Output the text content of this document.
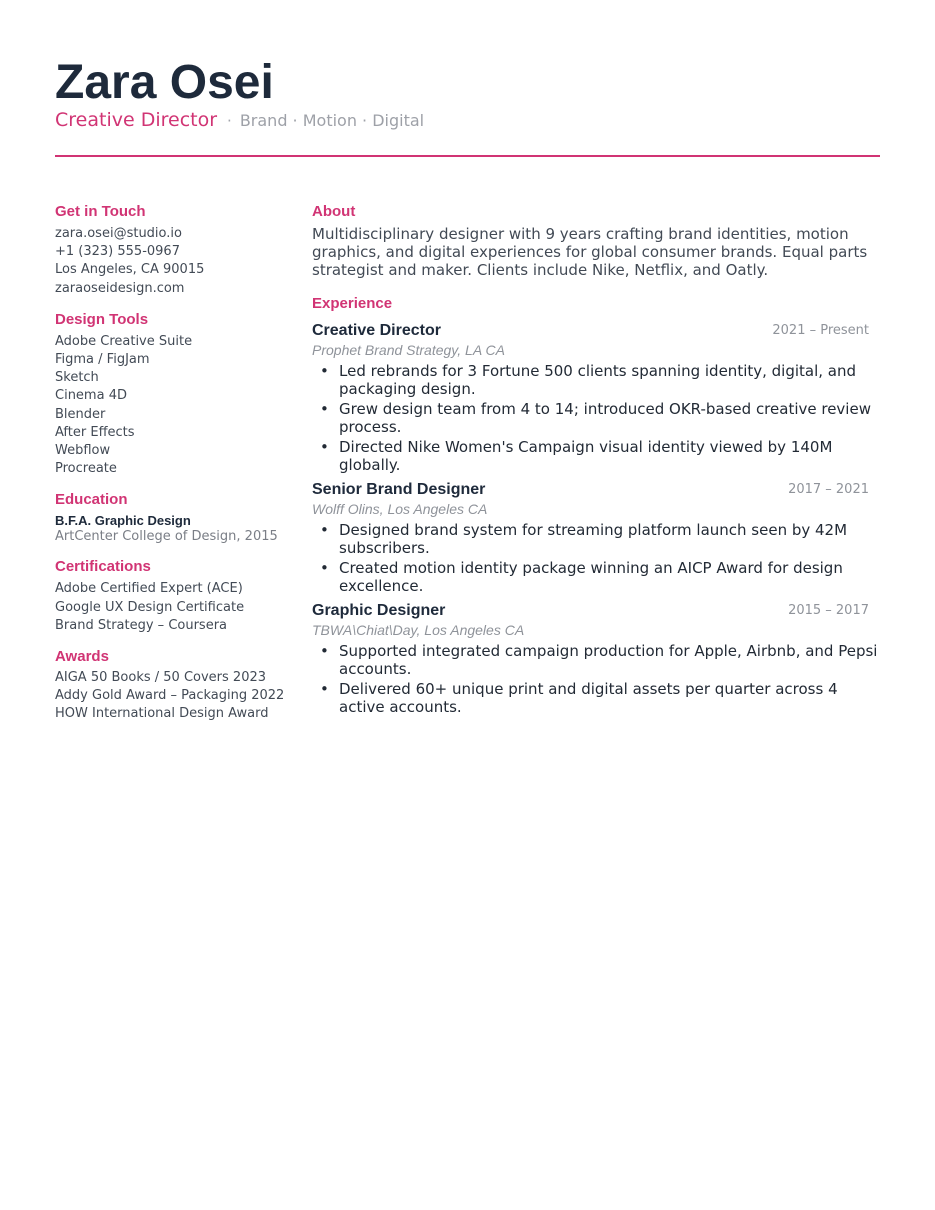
Zara Osei
Creative Director · Brand · Motion · Digital
Get in Touch
zara.osei@studio.io
+1 (323) 555-0967
Los Angeles, CA 90015
zaraoseidesign.com
Design Tools
Adobe Creative Suite
Figma / FigJam
Sketch
Cinema 4D
Blender
After Effects
Webflow
Procreate
Education
B.F.A. Graphic Design
ArtCenter College of Design, 2015
Certifications
Adobe Certified Expert (ACE)
Google UX Design Certificate
Brand Strategy – Coursera
Awards
AIGA 50 Books / 50 Covers 2023
Addy Gold Award – Packaging 2022
HOW International Design Award
About

Multidisciplinary designer with 9 years crafting brand identities, motion graphics, and digital experiences for global consumer brands. Equal parts strategist and maker. Clients include Nike, Netflix, and Oatly.

Experience
Creative Director	2021 – Present
Prophet Brand Strategy, LA CA
• Led rebrands for 3 Fortune 500 clients spanning identity, digital, and packaging design.
• Grew design team from 4 to 14; introduced OKR-based creative review process.
• Directed Nike Women's Campaign visual identity viewed by 140M globally.
Senior Brand Designer	2017 – 2021
Wolff Olins, Los Angeles CA
• Designed brand system for streaming platform launch seen by 42M subscribers.
• Created motion identity package winning an AICP Award for design excellence.
Graphic Designer	2015 – 2017
TBWA\Chiat\Day, Los Angeles CA
• Supported integrated campaign production for Apple, Airbnb, and Pepsi accounts.
• Delivered 60+ unique print and digital assets per quarter across 4 active accounts.
